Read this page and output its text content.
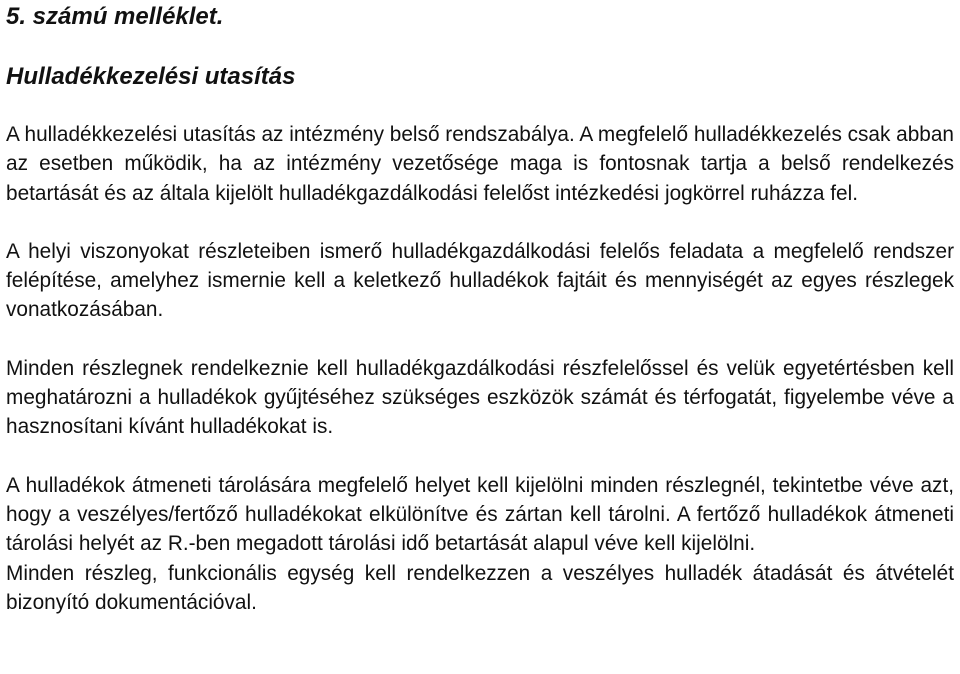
5. számú melléklet.
Hulladékkezelési utasítás

A hulladékkezelési utasítás az intézmény belső rendszabálya. A megfelelő hulladékkezelés csak abban az esetben működik, ha az intézmény vezetősége maga is fontosnak tartja a belső rendelkezés betartását és az általa kijelölt hulladékgazdálkodási felelőst intézkedési jogkörrel ruházza fel.

A helyi viszonyokat részleteiben ismerő hulladékgazdálkodási felelős feladata a megfelelő rendszer felépítése, amelyhez ismernie kell a keletkező hulladékok fajtáit és mennyiségét az egyes részlegek vonatkozásában.

Minden részlegnek rendelkeznie kell hulladékgazdálkodási részfelelőssel és velük egyetértésben kell meghatározni a hulladékok gyűjtéséhez szükséges eszközök számát és térfogatát, figyelembe véve a hasznosítani kívánt hulladékokat is.

A hulladékok átmeneti tárolására megfelelő helyet kell kijelölni minden részlegnél, tekintetbe véve azt, hogy a veszélyes/fertőző hulladékokat elkülönítve és zártan kell tárolni. A fertőző hulladékok átmeneti tárolási helyét az R.-ben megadott tárolási idő betartását alapul véve kell kijelölni.

Minden részleg, funkcionális egység kell rendelkezzen a veszélyes hulladék átadását és átvételét bizonyító dokumentációval.
